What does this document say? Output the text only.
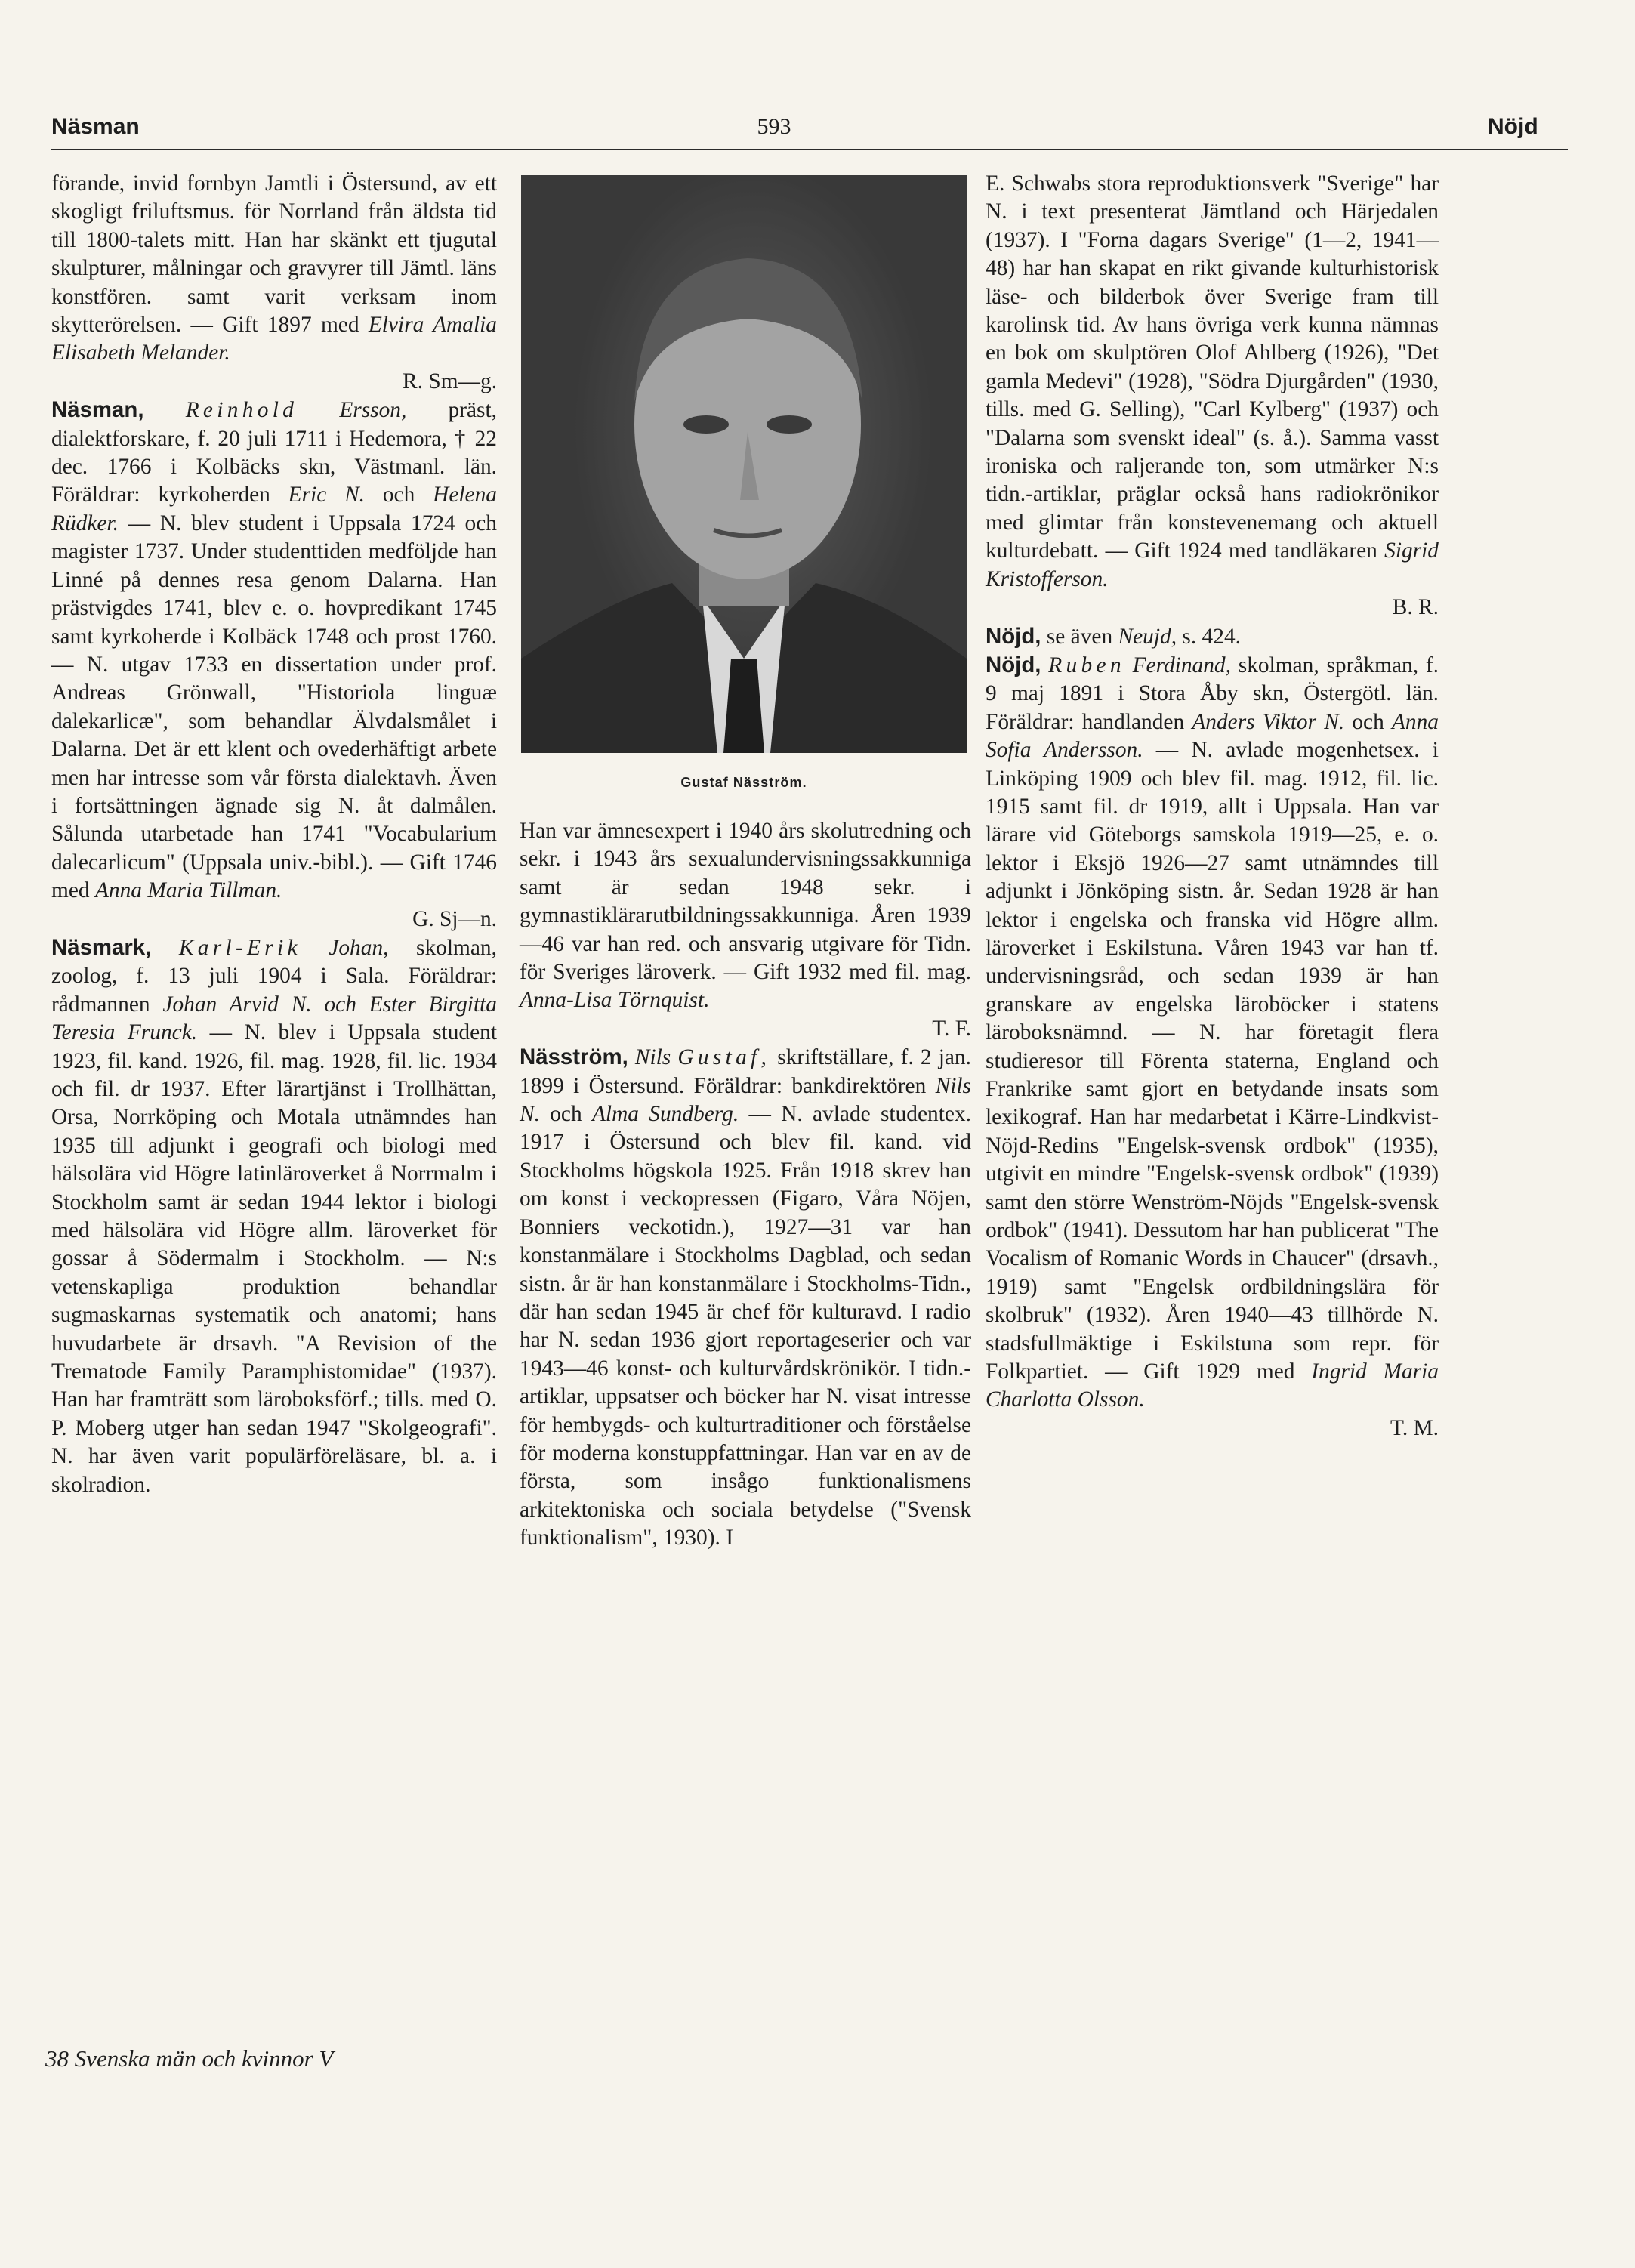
Näsman	593	Nöjd

förande, invid fornbyn Jamtli i Östersund, av ett skogligt friluftsmus. för Norrland från äldsta tid till 1800-talets mitt. Han har skänkt ett tjugutal skulpturer, målningar och gravyrer till Jämtl. läns konstfören. samt varit verksam inom skytterörelsen. — Gift 1897 med Elvira Amalia Elisabeth Melander.
R. Sm—g.

Näsman, Reinhold Ersson, präst, dialektforskare, f. 20 juli 1711 i Hedemora, † 22 dec. 1766 i Kolbäcks skn, Västmanl. län. Föräldrar: kyrkoherden Eric N. och Helena Rüdker. — N. blev student i Uppsala 1724 och magister 1737. Under studenttiden medföljde han Linné på dennes resa genom Dalarna. Han prästvigdes 1741, blev e. o. hovpredikant 1745 samt kyrkoherde i Kolbäck 1748 och prost 1760. — N. utgav 1733 en dissertation under prof. Andreas Grönwall, "Historiola linguæ dalekarlicæ", som behandlar Älvdalsmålet i Dalarna. Det är ett klent och ovederhäftigt arbete men har intresse som vår första dialektavh. Även i fortsättningen ägnade sig N. åt dalmålen. Sålunda utarbetade han 1741 "Vocabularium dalecarlicum" (Uppsala univ.-bibl.). — Gift 1746 med Anna Maria Tillman.
G. Sj—n.

Näsmark, Karl-Erik Johan, skolman, zoolog, f. 13 juli 1904 i Sala. Föräldrar: rådmannen Johan Arvid N. och Ester Birgitta Teresia Frunck. — N. blev i Uppsala student 1923, fil. kand. 1926, fil. mag. 1928, fil. lic. 1934 och fil. dr 1937. Efter lärartjänst i Trollhättan, Orsa, Norrköping och Motala utnämndes han 1935 till adjunkt i geografi och biologi med hälsolära vid Högre latinläroverket å Norrmalm i Stockholm samt är sedan 1944 lektor i biologi med hälsolära vid Högre allm. läroverket för gossar å Södermalm i Stockholm. — N:s vetenskapliga produktion behandlar sugmaskarnas systematik och anatomi; hans huvudarbete är drsavh. "A Revision of the Trematode Family Paramphistomidae" (1937). Han har framträtt som läroboksförf.; tills. med O. P. Moberg utger han sedan 1947 "Skolgeografi". N. har även varit populärföreläsare, bl. a. i skolradion.

Gustaf Näsström.

Han var ämnesexpert i 1940 års skolutredning och sekr. i 1943 års sexualundervisningssakkunniga samt är sedan 1948 sekr. i gymnastiklärarutbildningssakkunniga. Åren 1939—46 var han red. och ansvarig utgivare för Tidn. för Sveriges läroverk. — Gift 1932 med fil. mag. Anna-Lisa Törnquist.
T. F.

Näsström, Nils Gustaf, skriftställare, f. 2 jan. 1899 i Östersund. Föräldrar: bankdirektören Nils N. och Alma Sundberg. — N. avlade studentex. 1917 i Östersund och blev fil. kand. vid Stockholms högskola 1925. Från 1918 skrev han om konst i veckopressen (Figaro, Våra Nöjen, Bonniers veckotidn.), 1927—31 var han konstanmälare i Stockholms Dagblad, och sedan sistn. år är han konstanmälare i Stockholms-Tidn., där han sedan 1945 är chef för kulturavd. I radio har N. sedan 1936 gjort reportageserier och var 1943—46 konst- och kulturvårdskrönikör. I tidn.-artiklar, uppsatser och böcker har N. visat intresse för hembygds- och kulturtraditioner och förståelse för moderna konstuppfattningar. Han var en av de första, som insågo funktionalismens arkitektoniska och sociala betydelse ("Svensk funktionalism", 1930). I

E. Schwabs stora reproduktionsverk "Sverige" har N. i text presenterat Jämtland och Härjedalen (1937). I "Forna dagars Sverige" (1—2, 1941—48) har han skapat en rikt givande kulturhistorisk läse- och bilderbok över Sverige fram till karolinsk tid. Av hans övriga verk kunna nämnas en bok om skulptören Olof Ahlberg (1926), "Det gamla Medevi" (1928), "Södra Djurgården" (1930, tills. med G. Selling), "Carl Kylberg" (1937) och "Dalarna som svenskt ideal" (s. å.). Samma vasst ironiska och raljerande ton, som utmärker N:s tidn.-artiklar, präglar också hans radiokrönikor med glimtar från konstevenemang och aktuell kulturdebatt. — Gift 1924 med tandläkaren Sigrid Kristofferson.
B. R.

Nöjd, se även Neujd, s. 424.

Nöjd, Ruben Ferdinand, skolman, språkman, f. 9 maj 1891 i Stora Åby skn, Östergötl. län. Föräldrar: handlanden Anders Viktor N. och Anna Sofia Andersson. — N. avlade mogenhetsex. i Linköping 1909 och blev fil. mag. 1912, fil. lic. 1915 samt fil. dr 1919, allt i Uppsala. Han var lärare vid Göteborgs samskola 1919—25, e. o. lektor i Eksjö 1926—27 samt utnämndes till adjunkt i Jönköping sistn. år. Sedan 1928 är han lektor i engelska och franska vid Högre allm. läroverket i Eskilstuna. Våren 1943 var han tf. undervisningsråd, och sedan 1939 är han granskare av engelska läroböcker i statens läroboksnämnd. — N. har företagit flera studieresor till Förenta staterna, England och Frankrike samt gjort en betydande insats som lexikograf. Han har medarbetat i Kärre-Lindkvist-Nöjd-Redins "Engelsk-svensk ordbok" (1935), utgivit en mindre "Engelsk-svensk ordbok" (1939) samt den större Wenström-Nöjds "Engelsk-svensk ordbok" (1941). Dessutom har han publicerat "The Vocalism of Romanic Words in Chaucer" (drsavh., 1919) samt "Engelsk ordbildningslära för skolbruk" (1932). Åren 1940—43 tillhörde N. stadsfullmäktige i Eskilstuna som repr. för Folkpartiet. — Gift 1929 med Ingrid Maria Charlotta Olsson.
T. M.

38 Svenska män och kvinnor V
